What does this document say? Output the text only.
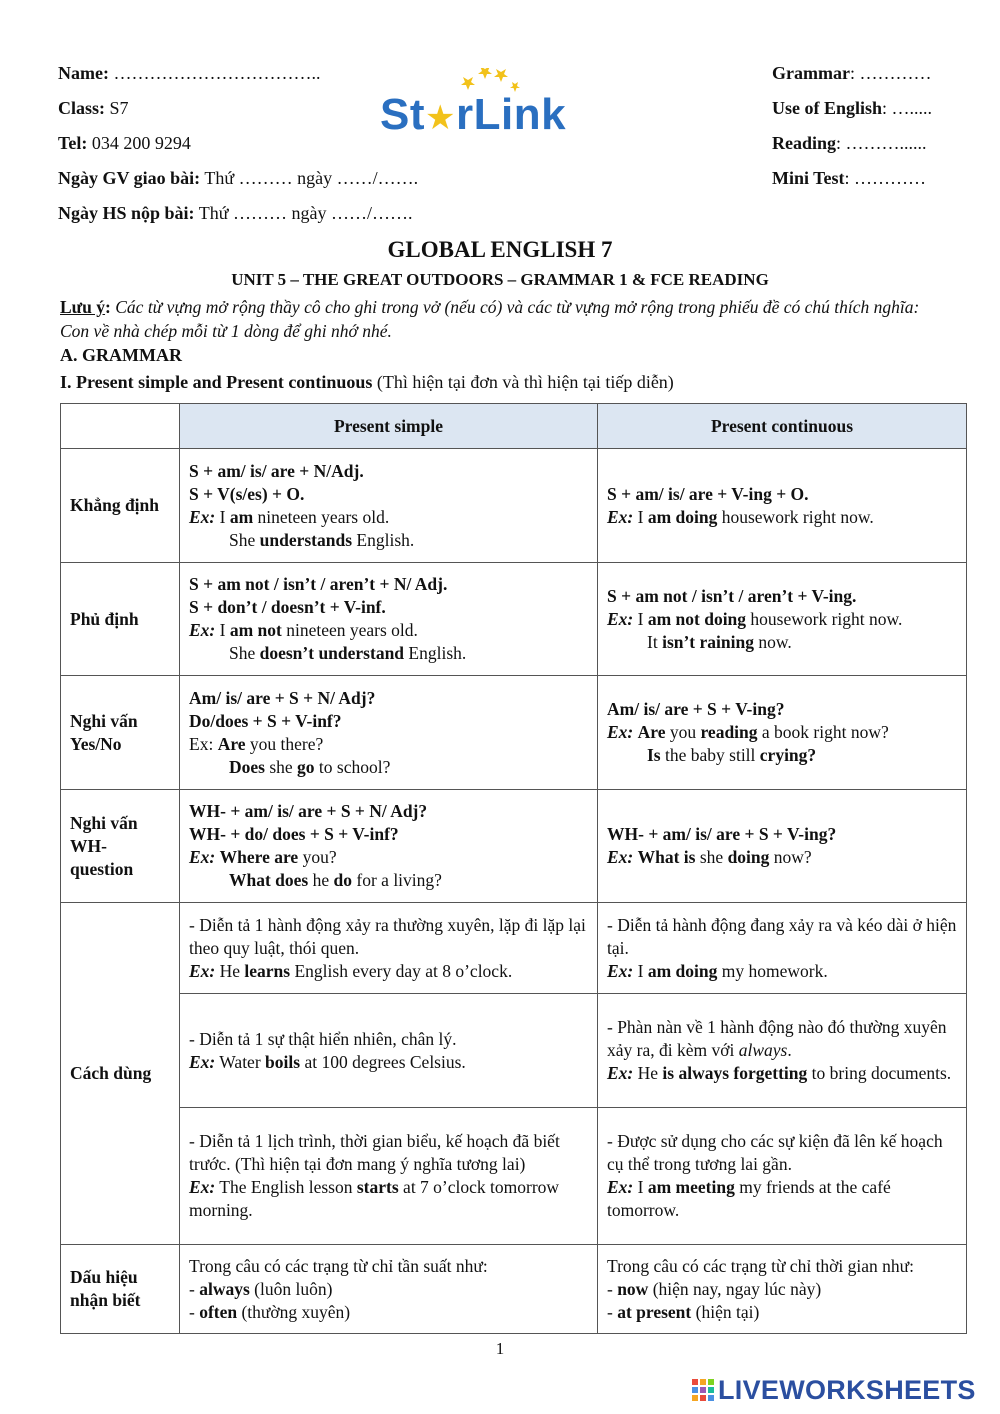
Name: ……………………………..
Class: S7
Tel: 034 200 9294
Ngày GV giao bài: Thứ ……… ngày ……/…….
Ngày HS nộp bài: Thứ ……… ngày ……/…….
St★rLink
Grammar: …………
Use of English: ….....
Reading: ………......
Mini Test: …………
GLOBAL ENGLISH 7
UNIT 5 – THE GREAT OUTDOORS – GRAMMAR 1 & FCE READING
Lưu ý: Các từ vựng mở rộng thầy cô cho ghi trong vở (nếu có) và các từ vựng mở rộng trong phiếu đề có chú thích nghĩa: Con về nhà chép mỗi từ 1 dòng để ghi nhớ nhé.
A. GRAMMAR
I. Present simple and Present continuous (Thì hiện tại đơn và thì hiện tại tiếp diễn)
	Present simple	Present continuous
Khẳng định	S + am/ is/ are + N/Adj.
S + V(s/es) + O.
Ex: I am nineteen years old.
She understands English.	S + am/ is/ are + V-ing + O.
Ex: I am doing housework right now.

Phủ định	S + am not / isn’t / aren’t + N/ Adj.
S + don’t / doesn’t + V-inf.
Ex: I am not nineteen years old.
She doesn’t understand English.	S + am not / isn’t / aren’t + V-ing.
Ex: I am not doing housework right now.
It isn’t raining now.

Nghi vấn Yes/No	Am/ is/ are + S + N/ Adj?
Do/does + S + V-inf?
Ex: Are you there?
Does she go to school?	Am/ is/ are + S + V-ing?
Ex: Are you reading a book right now?
Is the baby still crying?

Nghi vấn WH-question	WH- + am/ is/ are + S + N/ Adj?
WH- + do/ does + S + V-inf?
Ex: Where are you?
What does he do for a living?	WH- + am/ is/ are + S + V-ing?
Ex: What is she doing now?

Cách dùng	- Diễn tả 1 hành động xảy ra thường xuyên, lặp đi lặp lại theo quy luật, thói quen.
Ex: He learns English every day at 8 o’clock.	- Diễn tả hành động đang xảy ra và kéo dài ở hiện tại.
Ex: I am doing my homework.

	- Diễn tả 1 sự thật hiển nhiên, chân lý.
Ex: Water boils at 100 degrees Celsius.	- Phàn nàn về 1 hành động nào đó thường xuyên xảy ra, đi kèm với always.
Ex: He is always forgetting to bring documents.

	- Diễn tả 1 lịch trình, thời gian biểu, kế hoạch đã biết trước. (Thì hiện tại đơn mang ý nghĩa tương lai)
Ex: The English lesson starts at 7 o’clock tomorrow morning.	- Được sử dụng cho các sự kiện đã lên kế hoạch cụ thể trong tương lai gần.
Ex: I am meeting my friends at the café tomorrow.

Dấu hiệu nhận biết	Trong câu có các trạng từ chỉ tần suất như:
- always (luôn luôn)
- often (thường xuyên)	Trong câu có các trạng từ chỉ thời gian như:
- now (hiện nay, ngay lúc này)
- at present (hiện tại)
1
LIVEWORKSHEETS
